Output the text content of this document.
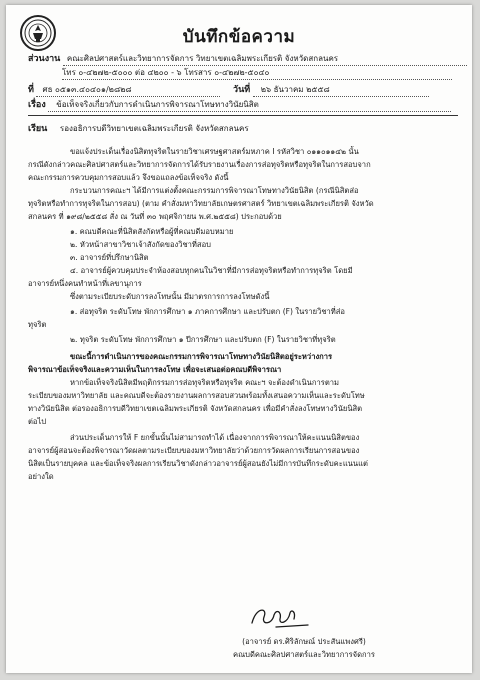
บันทึกข้อความ
ส่วนงาน คณะศิลปศาสตร์และวิทยาการจัดการ วิทยาเขตเฉลิมพระเกียรติ จังหวัดสกลนคร
โทร ๐-๔๒๗๒-๕๐๐๐ ต่อ ๔๒๐๐ - ๖ โทรสาร ๐-๔๒๗๒-๕๐๔๐
ที่ ศธ ๐๕๑๓.๔๐๔๐๑/๒๘๒๘	วันที่ ๒๖ ธันวาคม ๒๕๕๘
เรื่อง ข้อเท็จจริงเกี่ยวกับการดำเนินการพิจารณาโทษทางวินัยนิสิต
เรียน รองอธิการบดีวิทยาเขตเฉลิมพระเกียรติ จังหวัดสกลนคร
ขอแจ้งประเด็นเรื่องนิสิตทุจริตในรายวิชาเศรษฐศาสตร์มหภาค I รหัสวิชา ๐๑๑๐๑๑๔๒ นั้น
กรณีดังกล่าวคณะศิลปศาสตร์และวิทยาการจัดการได้รับรายงานเรื่องการส่อทุจริตหรือทุจริตในการสอบจาก
คณะกรรมการควบคุมการสอบแล้ว จึงขอแถลงข้อเท็จจริง ดังนี้
กระบวนการคณะฯ ได้มีการแต่งตั้งคณะกรรมการพิจารณาโทษทางวินัยนิสิต (กรณีนิสิตส่อ
ทุจริตหรือทำการทุจริตในการสอบ) (ตาม คำสั่งมหาวิทยาลัยเกษตรศาสตร์ วิทยาเขตเฉลิมพระเกียรติ จังหวัด
สกลนคร ที่ ๑๙๘/๒๕๕๘ สั่ง ณ วันที่ ๓๐ พฤศจิกายน พ.ศ.๒๕๕๘) ประกอบด้วย
๑. คณบดีคณะที่นิสิตสังกัดหรือผู้ที่คณบดีมอบหมาย
๒. หัวหน้าสาขาวิชาเจ้าสังกัดของวิชาที่สอบ
๓. อาจารย์ที่ปรึกษานิสิต
๔. อาจารย์ผู้ควบคุมประจำห้องสอบทุกคนในวิชาที่มีการส่อทุจริตหรือทำการทุจริต โดยมี
อาจารย์หนึ่งคนทำหน้าที่เลขานุการ
ซึ่งตามระเบียบระดับการลงโทษนั้น มีมาตรการการลงโทษดังนี้
๑. ส่อทุจริต ระดับโทษ พักการศึกษา ๑ ภาคการศึกษา และปรับตก (F) ในรายวิชาที่ส่อ
ทุจริต
๒. ทุจริต ระดับโทษ พักการศึกษา ๑ ปีการศึกษา และปรับตก (F) ในรายวิชาที่ทุจริต
ขณะนี้การดำเนินการของคณะกรรมการพิจารณาโทษทางวินัยนิสิตอยู่ระหว่างการ
พิจารณาข้อเท็จจริงและความเห็นในการลงโทษ เพื่อจะเสนอต่อคณบดีพิจารณา
หากข้อเท็จจริงนิสิตมีพฤติกรรมการส่อทุจริตหรือทุจริต คณะฯ จะต้องดำเนินการตาม
ระเบียบของมหาวิทยาลัย และคณบดีจะต้องรายงานผลการสอบสวนพร้อมทั้งเสนอความเห็นและระดับโทษ
ทางวินัยนิสิต ต่อรองอธิการบดีวิทยาเขตเฉลิมพระเกียรติ จังหวัดสกลนคร เพื่อมีคำสั่งลงโทษทางวินัยนิสิต
ต่อไป
ส่วนประเด็นการให้ F ยกขั้นนั้นไม่สามารถทำได้ เนื่องจากการพิจารณาให้คะแนนนิสิตของ
อาจารย์ผู้สอนจะต้องพิจารณาวัดผลตามระเบียบของมหาวิทยาลัยว่าด้วยการวัดผลการเรียนการสอนของ
นิสิตเป็นรายบุคคล และข้อเท็จจริงผลการเรียนวิชาดังกล่าวอาจารย์ผู้สอนยังไม่มีการบันทึกระดับคะแนนแต่
อย่างใด
(อาจารย์ ดร.ศิริลักษณ์ ประสันแพงศรี)
คณบดีคณะศิลปศาสตร์และวิทยาการจัดการ
